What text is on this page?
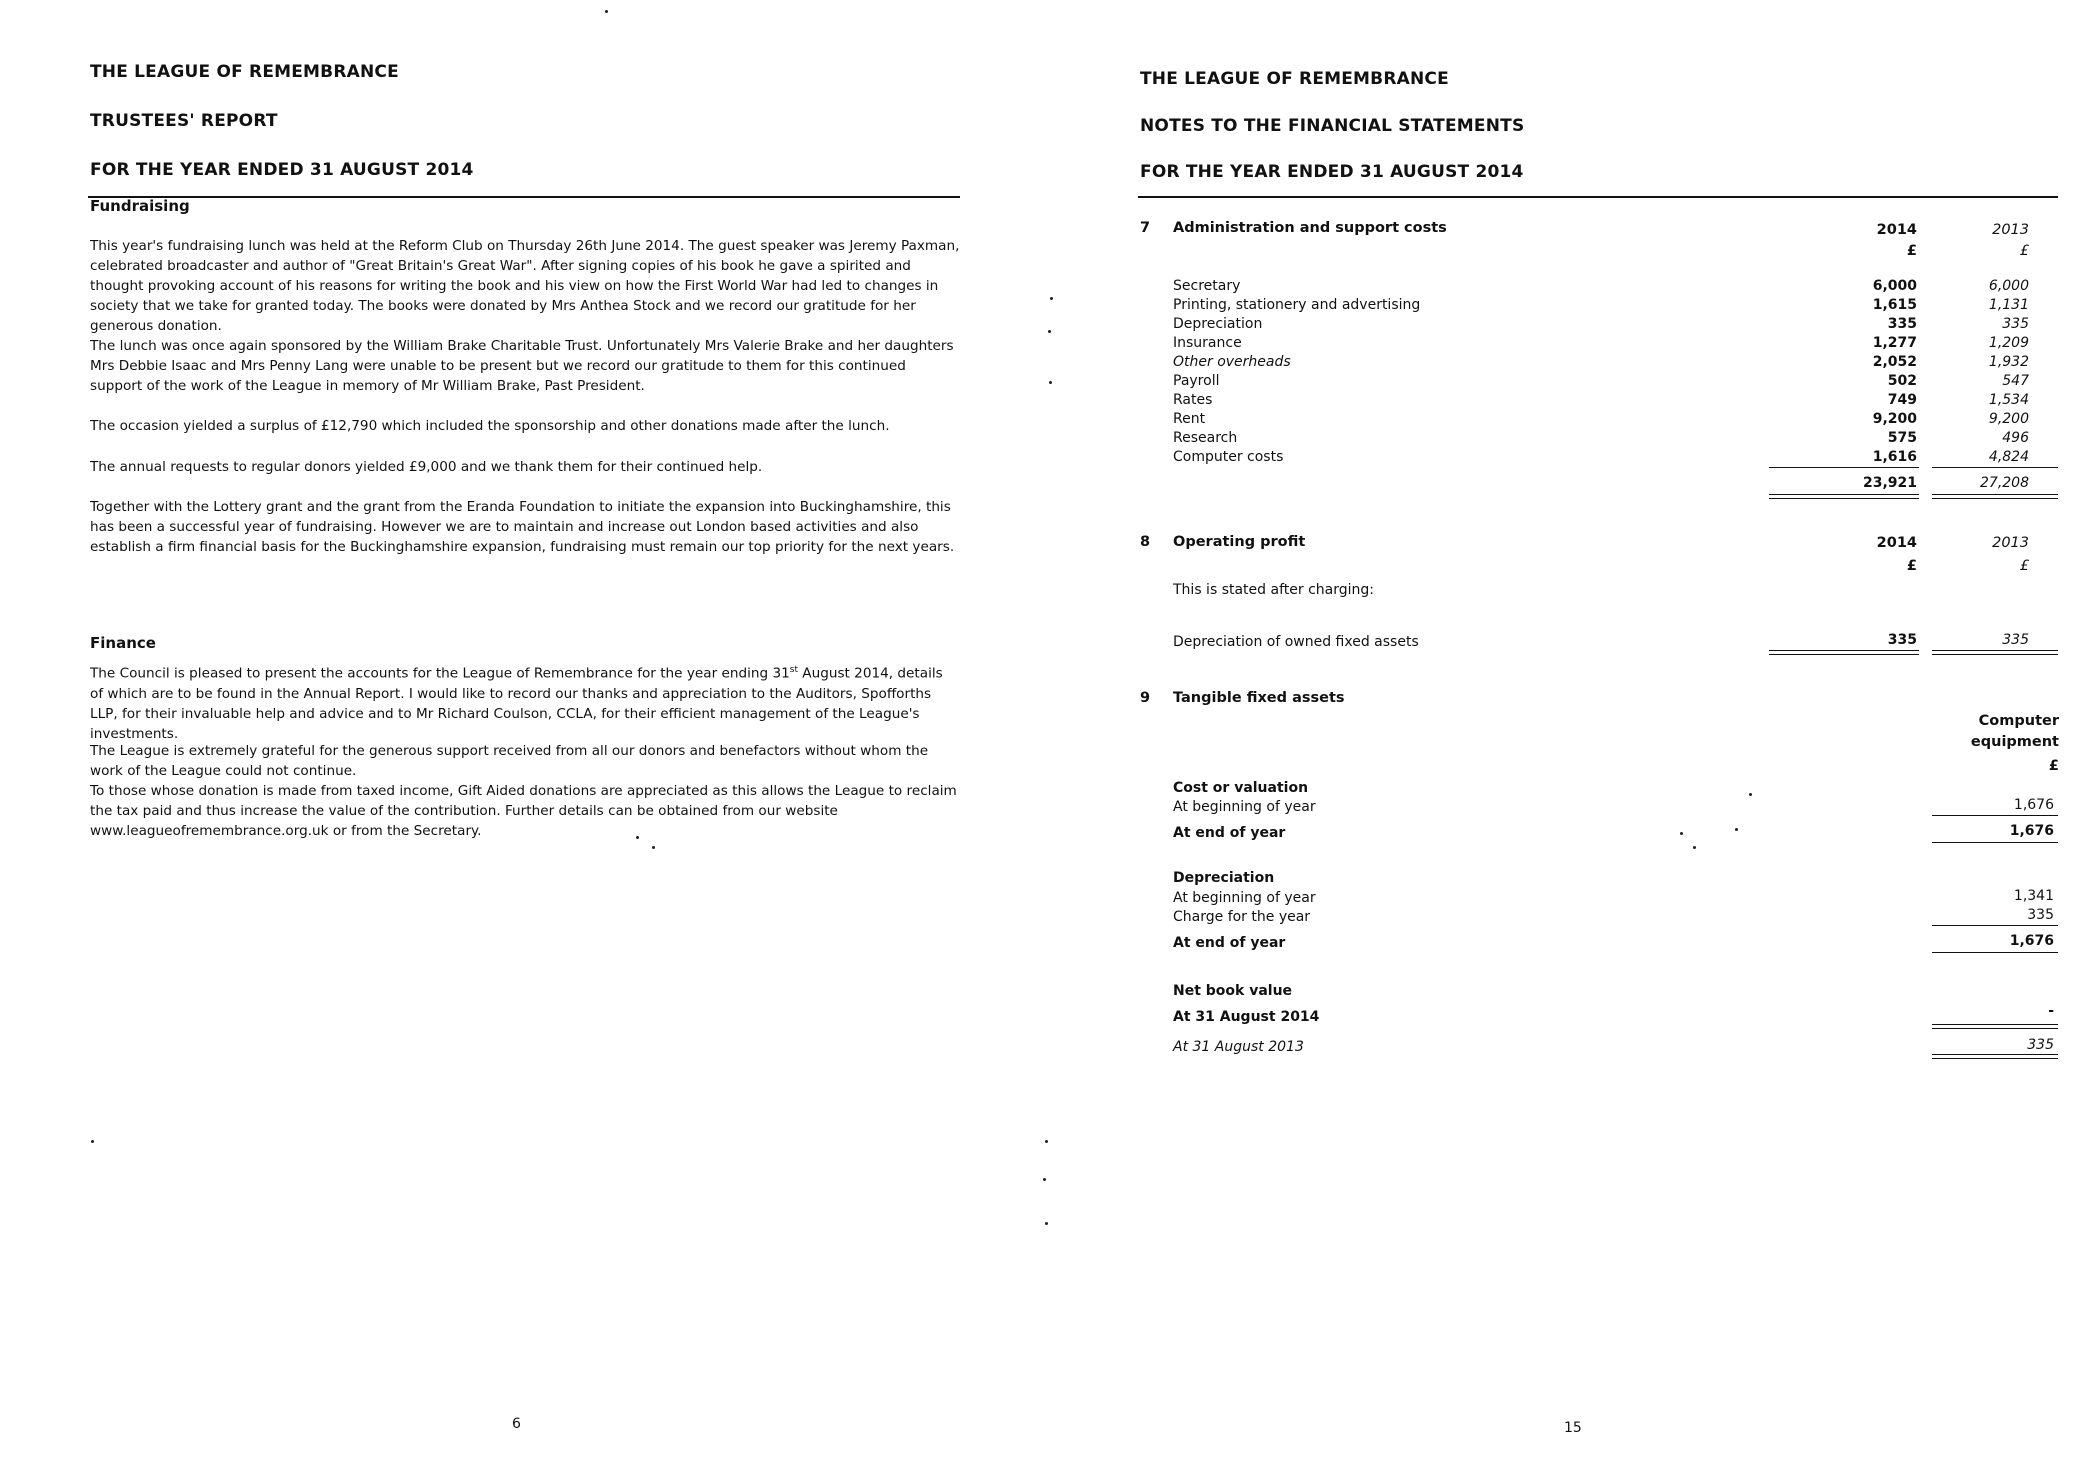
THE LEAGUE OF REMEMBRANCE
TRUSTEES' REPORT
FOR THE YEAR ENDED 31 AUGUST 2014
Fundraising

This year's fundraising lunch was held at the Reform Club on Thursday 26th June 2014. The guest speaker was Jeremy Paxman, celebrated broadcaster and author of "Great Britain's Great War". After signing copies of his book he gave a spirited and thought provoking account of his reasons for writing the book and his view on how the First World War had led to changes in society that we take for granted today. The books were donated by Mrs Anthea Stock and we record our gratitude for her generous donation.

The lunch was once again sponsored by the William Brake Charitable Trust. Unfortunately Mrs Valerie Brake and her daughters Mrs Debbie Isaac and Mrs Penny Lang were unable to be present but we record our gratitude to them for this continued support of the work of the League in memory of Mr William Brake, Past President.

The occasion yielded a surplus of £12,790 which included the sponsorship and other donations made after the lunch.

The annual requests to regular donors yielded £9,000 and we thank them for their continued help.

Together with the Lottery grant and the grant from the Eranda Foundation to initiate the expansion into Buckinghamshire, this has been a successful year of fundraising. However we are to maintain and increase out London based activities and also establish a firm financial basis for the Buckinghamshire expansion, fundraising must remain our top priority for the next years.

Finance

The Council is pleased to present the accounts for the League of Remembrance for the year ending 31st August 2014, details of which are to be found in the Annual Report. I would like to record our thanks and appreciation to the Auditors, Spofforths LLP, for their invaluable help and advice and to Mr Richard Coulson, CCLA, for their efficient management of the League's investments.

The League is extremely grateful for the generous support received from all our donors and benefactors without whom the work of the League could not continue.

To those whose donation is made from taxed income, Gift Aided donations are appreciated as this allows the League to reclaim the tax paid and thus increase the value of the contribution. Further details can be obtained from our website www.leagueofremembrance.org.uk or from the Secretary.

6
THE LEAGUE OF REMEMBRANCE
NOTES TO THE FINANCIAL STATEMENTS
FOR THE YEAR ENDED 31 AUGUST 2014
7 Administration and support costs	2014	2013
£	£
Secretary	6,000	6,000
Printing, stationery and advertising	1,615	1,131
Depreciation	335	335
Insurance	1,277	1,209
Other overheads	2,052	1,932
Payroll	502	547
Rates	749	1,534
Rent	9,200	9,200
Research	575	496
Computer costs	1,616	4,824
23,921	27,208
8 Operating profit	2014	2013
£	£
This is stated after charging:
Depreciation of owned fixed assets	335	335
9 Tangible fixed assets
Computer
equipment
£
Cost or valuation
At beginning of year	1,676
At end of year	1,676
Depreciation
At beginning of year	1,341
Charge for the year	335
At end of year	1,676
Net book value
At 31 August 2014	-
At 31 August 2013	335
15
